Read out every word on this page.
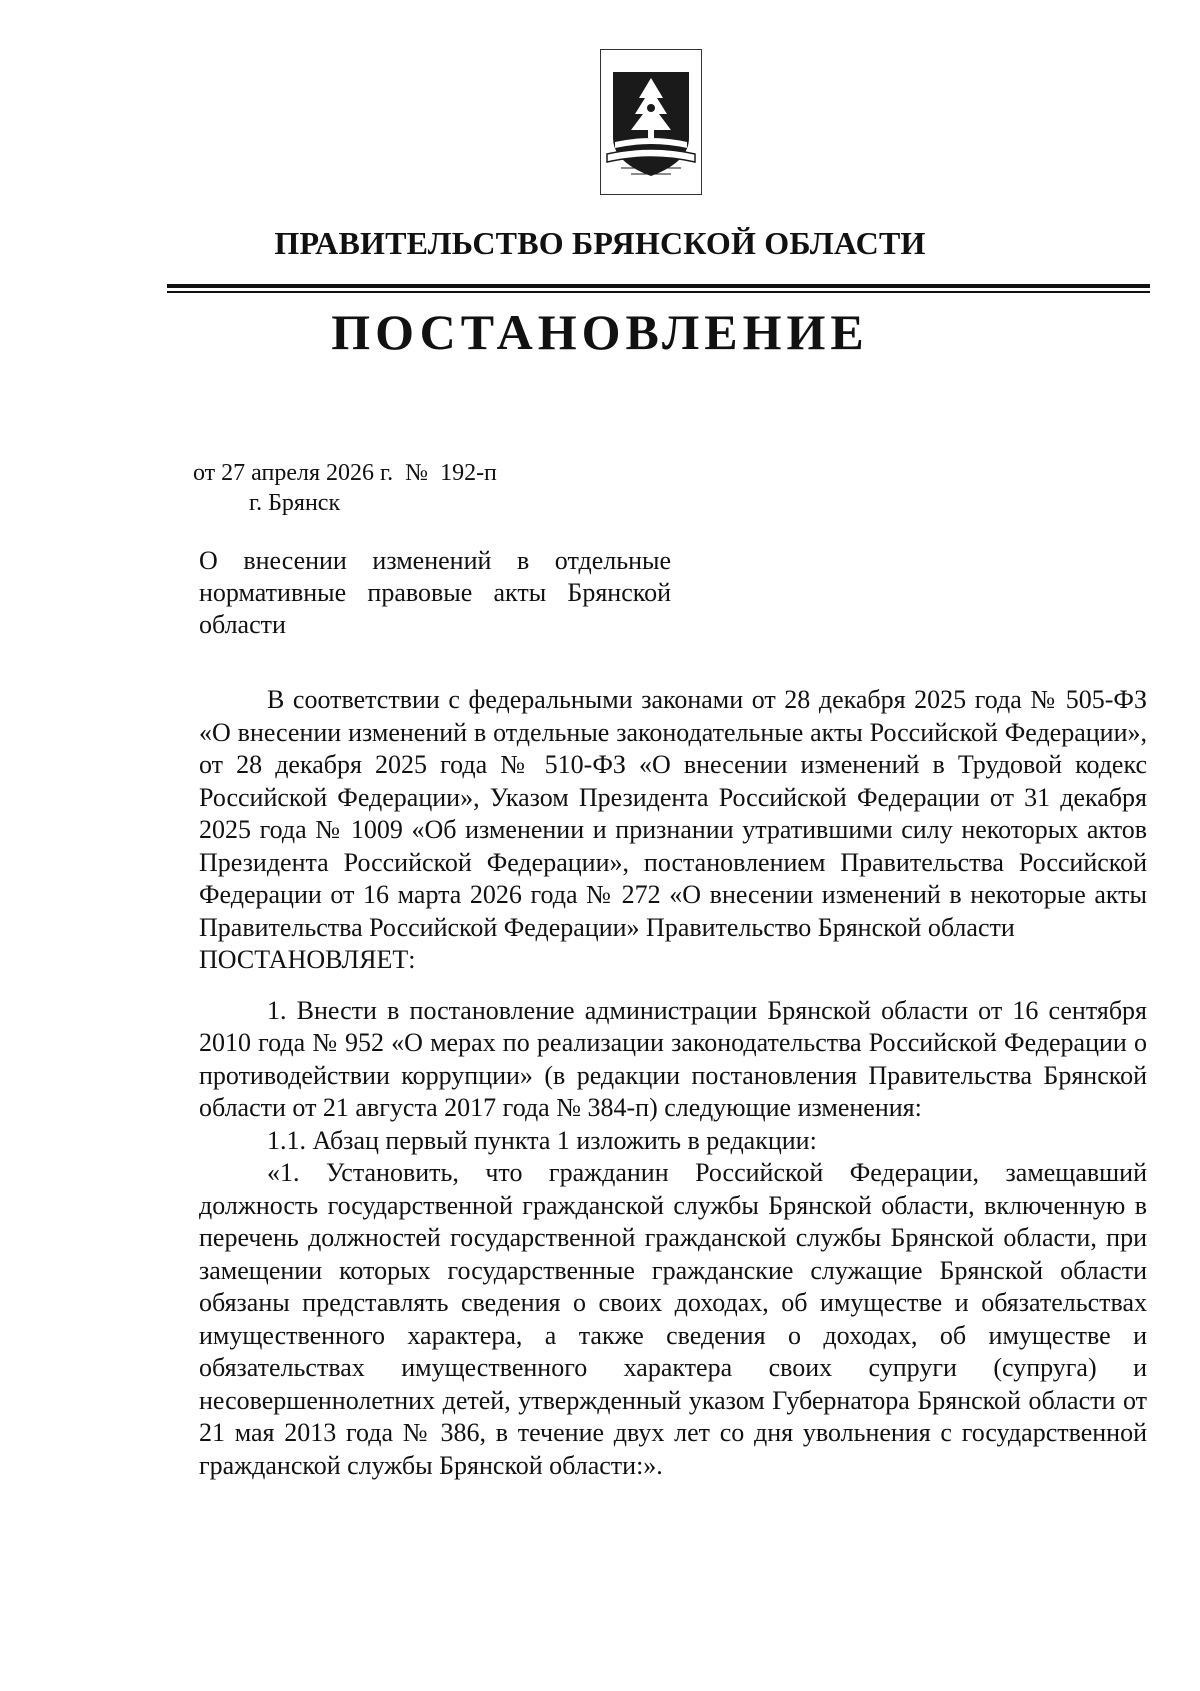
ПРАВИТЕЛЬСТВО БРЯНСКОЙ ОБЛАСТИ
ПОСТАНОВЛЕНИЕ
от 27 апреля 2026 г. № 192-п
г. Брянск
О внесении изменений в отдельные нормативные правовые акты Брянской области

В соответствии с федеральными законами от 28 декабря 2025 года № 505-ФЗ «О внесении изменений в отдельные законодательные акты Российской Федерации», от 28 декабря 2025 года № 510-ФЗ «О внесении изменений в Трудовой кодекс Российской Федерации», Указом Президента Российской Федерации от 31 декабря 2025 года № 1009 «Об изменении и признании утратившими силу некоторых актов Президента Российской Федерации», постановлением Правительства Российской Федерации от 16 марта 2026 года № 272 «О внесении изменений в некоторые акты Правительства Российской Федерации» Правительство Брянской области

ПОСТАНОВЛЯЕТ:

1. Внести в постановление администрации Брянской области от 16 сентября 2010 года № 952 «О мерах по реализации законодательства Российской Федерации о противодействии коррупции» (в редакции постановления Правительства Брянской области от 21 августа 2017 года № 384-п) следующие изменения:

1.1. Абзац первый пункта 1 изложить в редакции:

«1. Установить, что гражданин Российской Федерации, замещавший должность государственной гражданской службы Брянской области, включенную в перечень должностей государственной гражданской службы Брянской области, при замещении которых государственные гражданские служащие Брянской области обязаны представлять сведения о своих доходах, об имуществе и обязательствах имущественного характера, а также сведения о доходах, об имуществе и обязательствах имущественного характера своих супруги (супруга) и несовершеннолетних детей, утвержденный указом Губернатора Брянской области от 21 мая 2013 года № 386, в течение двух лет со дня увольнения с государственной гражданской службы Брянской области:».
